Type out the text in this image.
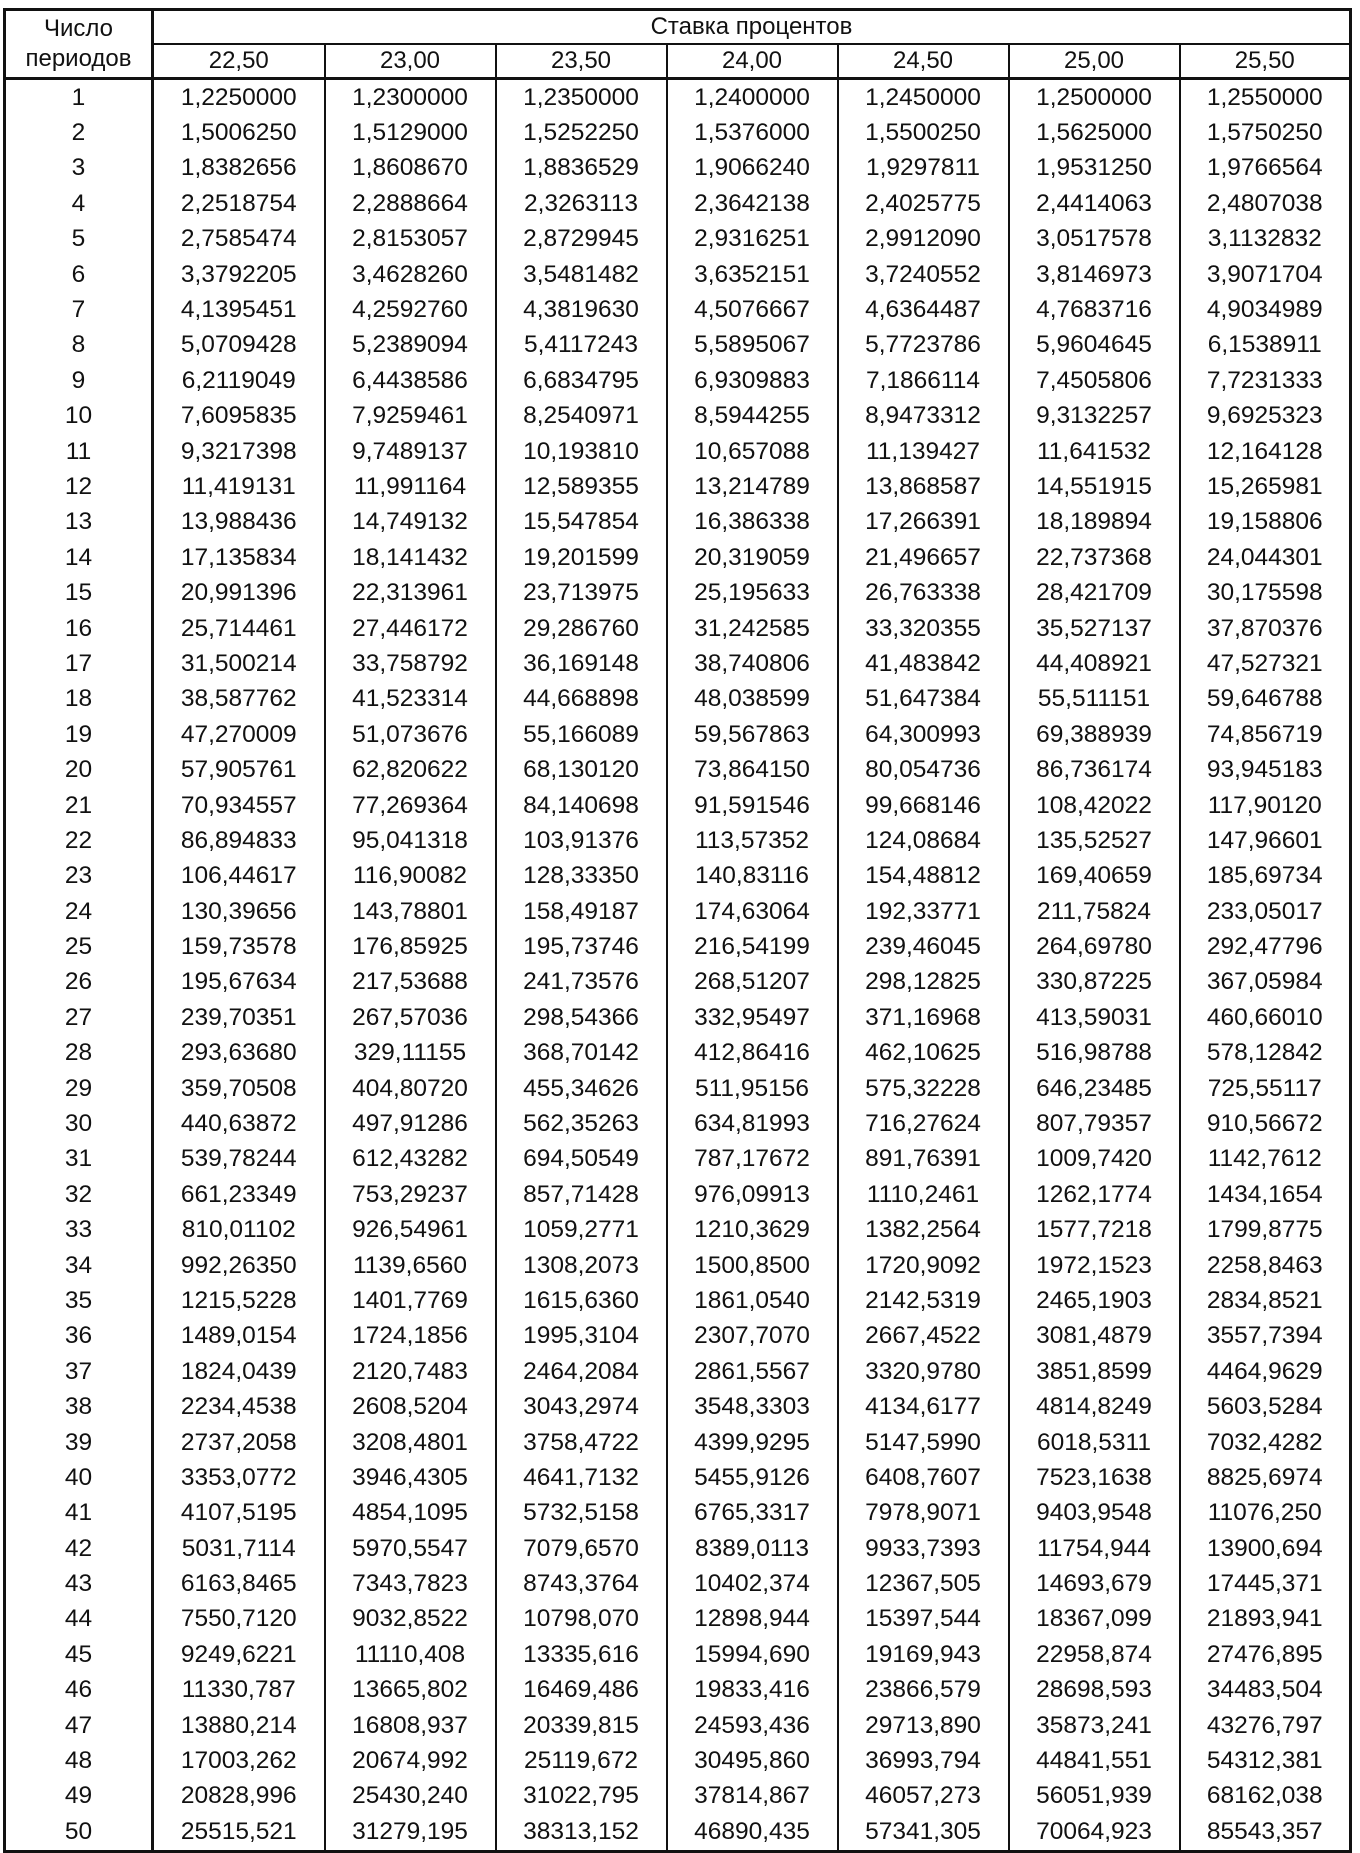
Число
периодов	Ставка процентов						
	22,50	23,00	23,50	24,00	24,50	25,00	25,50
1	1,2250000	1,2300000	1,2350000	1,2400000	1,2450000	1,2500000	1,2550000
2	1,5006250	1,5129000	1,5252250	1,5376000	1,5500250	1,5625000	1,5750250
3	1,8382656	1,8608670	1,8836529	1,9066240	1,9297811	1,9531250	1,9766564
4	2,2518754	2,2888664	2,3263113	2,3642138	2,4025775	2,4414063	2,4807038
5	2,7585474	2,8153057	2,8729945	2,9316251	2,9912090	3,0517578	3,1132832
6	3,3792205	3,4628260	3,5481482	3,6352151	3,7240552	3,8146973	3,9071704
7	4,1395451	4,2592760	4,3819630	4,5076667	4,6364487	4,7683716	4,9034989
8	5,0709428	5,2389094	5,4117243	5,5895067	5,7723786	5,9604645	6,1538911
9	6,2119049	6,4438586	6,6834795	6,9309883	7,1866114	7,4505806	7,7231333
10	7,6095835	7,9259461	8,2540971	8,5944255	8,9473312	9,3132257	9,6925323
11	9,3217398	9,7489137	10,193810	10,657088	11,139427	11,641532	12,164128
12	11,419131	11,991164	12,589355	13,214789	13,868587	14,551915	15,265981
13	13,988436	14,749132	15,547854	16,386338	17,266391	18,189894	19,158806
14	17,135834	18,141432	19,201599	20,319059	21,496657	22,737368	24,044301
15	20,991396	22,313961	23,713975	25,195633	26,763338	28,421709	30,175598
16	25,714461	27,446172	29,286760	31,242585	33,320355	35,527137	37,870376
17	31,500214	33,758792	36,169148	38,740806	41,483842	44,408921	47,527321
18	38,587762	41,523314	44,668898	48,038599	51,647384	55,511151	59,646788
19	47,270009	51,073676	55,166089	59,567863	64,300993	69,388939	74,856719
20	57,905761	62,820622	68,130120	73,864150	80,054736	86,736174	93,945183
21	70,934557	77,269364	84,140698	91,591546	99,668146	108,42022	117,90120
22	86,894833	95,041318	103,91376	113,57352	124,08684	135,52527	147,96601
23	106,44617	116,90082	128,33350	140,83116	154,48812	169,40659	185,69734
24	130,39656	143,78801	158,49187	174,63064	192,33771	211,75824	233,05017
25	159,73578	176,85925	195,73746	216,54199	239,46045	264,69780	292,47796
26	195,67634	217,53688	241,73576	268,51207	298,12825	330,87225	367,05984
27	239,70351	267,57036	298,54366	332,95497	371,16968	413,59031	460,66010
28	293,63680	329,11155	368,70142	412,86416	462,10625	516,98788	578,12842
29	359,70508	404,80720	455,34626	511,95156	575,32228	646,23485	725,55117
30	440,63872	497,91286	562,35263	634,81993	716,27624	807,79357	910,56672
31	539,78244	612,43282	694,50549	787,17672	891,76391	1009,7420	1142,7612
32	661,23349	753,29237	857,71428	976,09913	1110,2461	1262,1774	1434,1654
33	810,01102	926,54961	1059,2771	1210,3629	1382,2564	1577,7218	1799,8775
34	992,26350	1139,6560	1308,2073	1500,8500	1720,9092	1972,1523	2258,8463
35	1215,5228	1401,7769	1615,6360	1861,0540	2142,5319	2465,1903	2834,8521
36	1489,0154	1724,1856	1995,3104	2307,7070	2667,4522	3081,4879	3557,7394
37	1824,0439	2120,7483	2464,2084	2861,5567	3320,9780	3851,8599	4464,9629
38	2234,4538	2608,5204	3043,2974	3548,3303	4134,6177	4814,8249	5603,5284
39	2737,2058	3208,4801	3758,4722	4399,9295	5147,5990	6018,5311	7032,4282
40	3353,0772	3946,4305	4641,7132	5455,9126	6408,7607	7523,1638	8825,6974
41	4107,5195	4854,1095	5732,5158	6765,3317	7978,9071	9403,9548	11076,250
42	5031,7114	5970,5547	7079,6570	8389,0113	9933,7393	11754,944	13900,694
43	6163,8465	7343,7823	8743,3764	10402,374	12367,505	14693,679	17445,371
44	7550,7120	9032,8522	10798,070	12898,944	15397,544	18367,099	21893,941
45	9249,6221	11110,408	13335,616	15994,690	19169,943	22958,874	27476,895
46	11330,787	13665,802	16469,486	19833,416	23866,579	28698,593	34483,504
47	13880,214	16808,937	20339,815	24593,436	29713,890	35873,241	43276,797
48	17003,262	20674,992	25119,672	30495,860	36993,794	44841,551	54312,381
49	20828,996	25430,240	31022,795	37814,867	46057,273	56051,939	68162,038
50	25515,521	31279,195	38313,152	46890,435	57341,305	70064,923	85543,357
